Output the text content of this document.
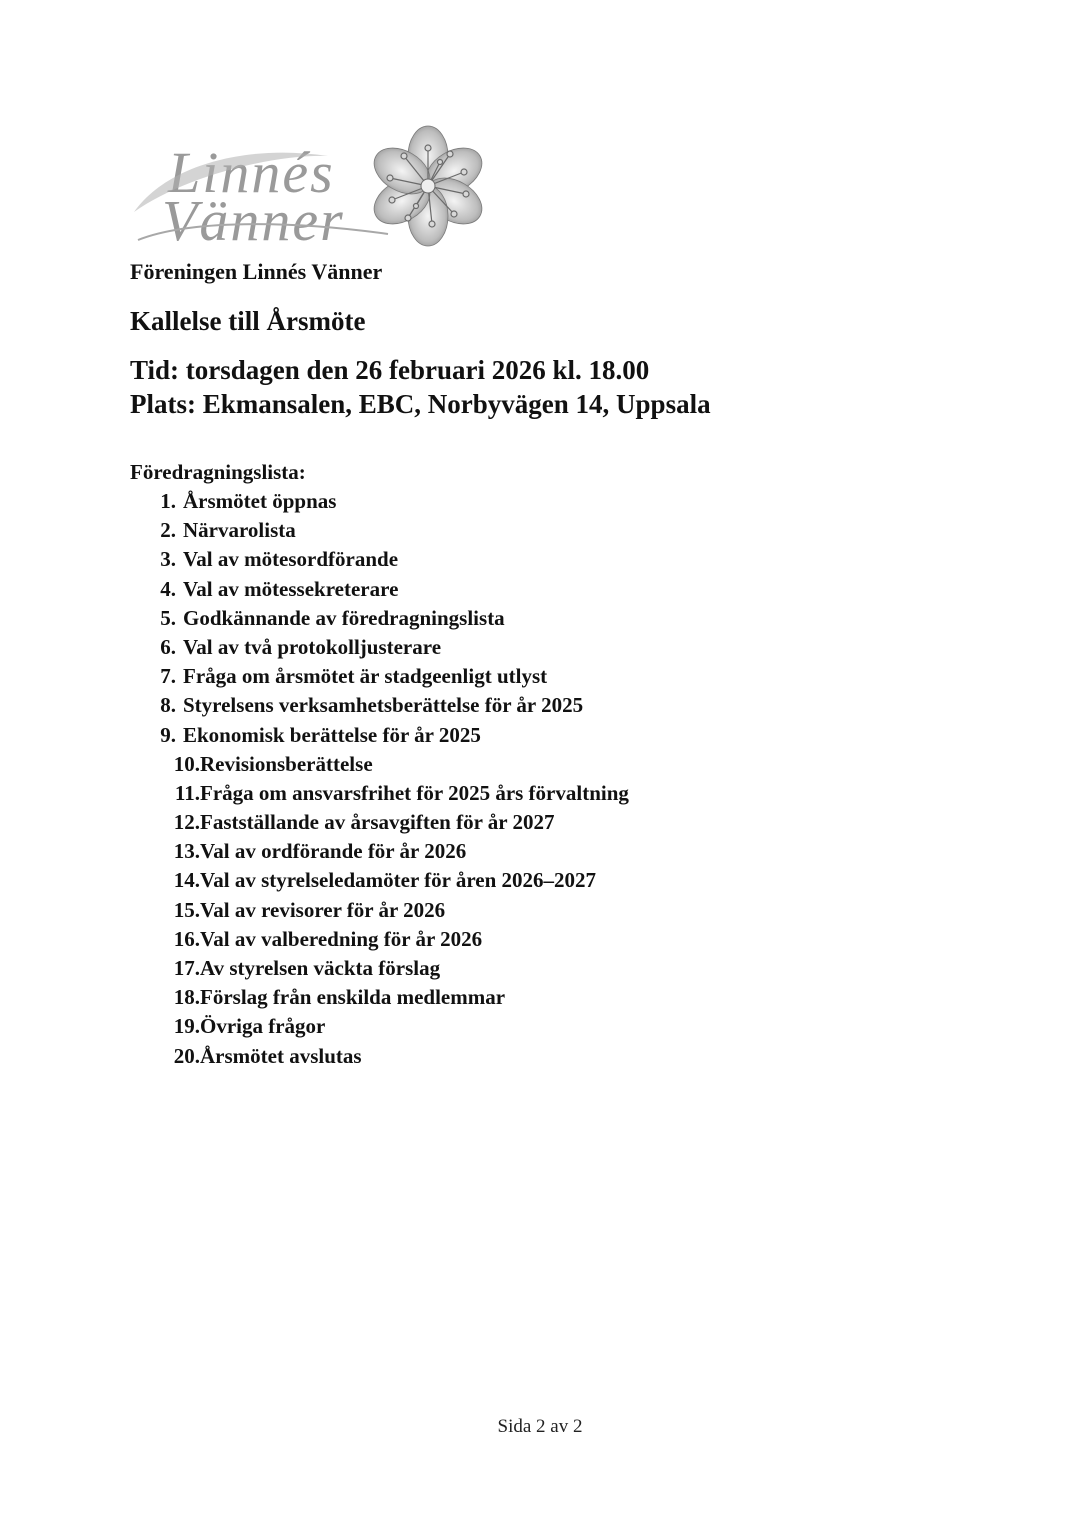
Linnés
Vänner

Föreningen Linnés Vänner

Kallelse till Årsmöte
Tid: torsdagen den 26 februari 2026 kl. 18.00
Plats: Ekmansalen, EBC, Norbyvägen 14, Uppsala

Föredragningslista:

1. Årsmötet öppnas
2. Närvarolista
3. Val av mötesordförande
4. Val av mötessekreterare
5. Godkännande av föredragningslista
6. Val av två protokolljusterare
7. Fråga om årsmötet är stadgeenligt utlyst
8. Styrelsens verksamhetsberättelse för år 2025
9. Ekonomisk berättelse för år 2025
10. Revisionsberättelse
11. Fråga om ansvarsfrihet för 2025 års förvaltning
12. Fastställande av årsavgiften för år 2027
13. Val av ordförande för år 2026
14. Val av styrelseledamöter för åren 2026–2027
15. Val av revisorer för år 2026
16. Val av valberedning för år 2026
17. Av styrelsen väckta förslag
18. Förslag från enskilda medlemmar
19. Övriga frågor
20. Årsmötet avslutas
Sida 2 av 2
